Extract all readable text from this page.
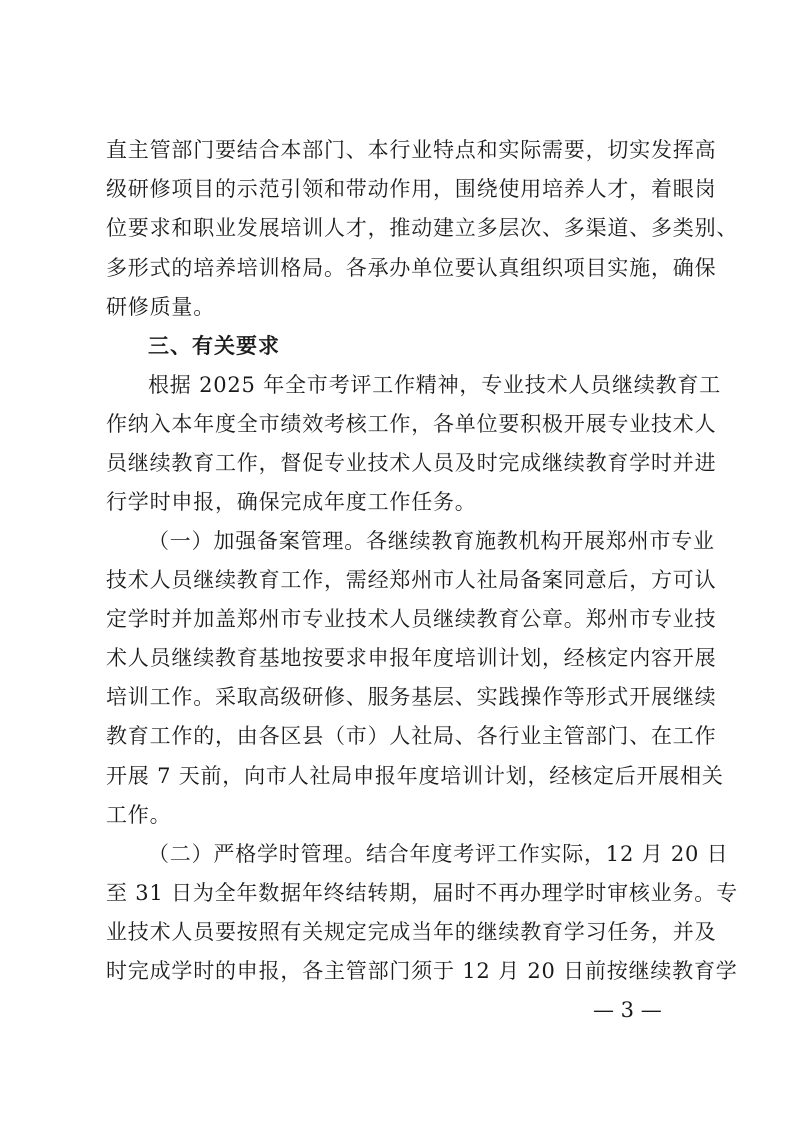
直主管部门要结合本部门、本行业特点和实际需要，切实发挥高
级研修项目的示范引领和带动作用，围绕使用培养人才，着眼岗
位要求和职业发展培训人才，推动建立多层次、多渠道、多类别、
多形式的培养培训格局。各承办单位要认真组织项目实施，确保
研修质量。
三、有关要求
根据 2025 年全市考评工作精神，专业技术人员继续教育工
作纳入本年度全市绩效考核工作，各单位要积极开展专业技术人
员继续教育工作，督促专业技术人员及时完成继续教育学时并进
行学时申报，确保完成年度工作任务。
（一）加强备案管理。各继续教育施教机构开展郑州市专业
技术人员继续教育工作，需经郑州市人社局备案同意后，方可认
定学时并加盖郑州市专业技术人员继续教育公章。郑州市专业技
术人员继续教育基地按要求申报年度培训计划，经核定内容开展
培训工作。采取高级研修、服务基层、实践操作等形式开展继续
教育工作的，由各区县（市）人社局、各行业主管部门、在工作
开展 7 天前，向市人社局申报年度培训计划，经核定后开展相关
工作。
（二）严格学时管理。结合年度考评工作实际，12 月 20 日
至 31 日为全年数据年终结转期，届时不再办理学时审核业务。专
业技术人员要按照有关规定完成当年的继续教育学习任务，并及
时完成学时的申报，各主管部门须于 12 月 20 日前按继续教育学
— 3 —
